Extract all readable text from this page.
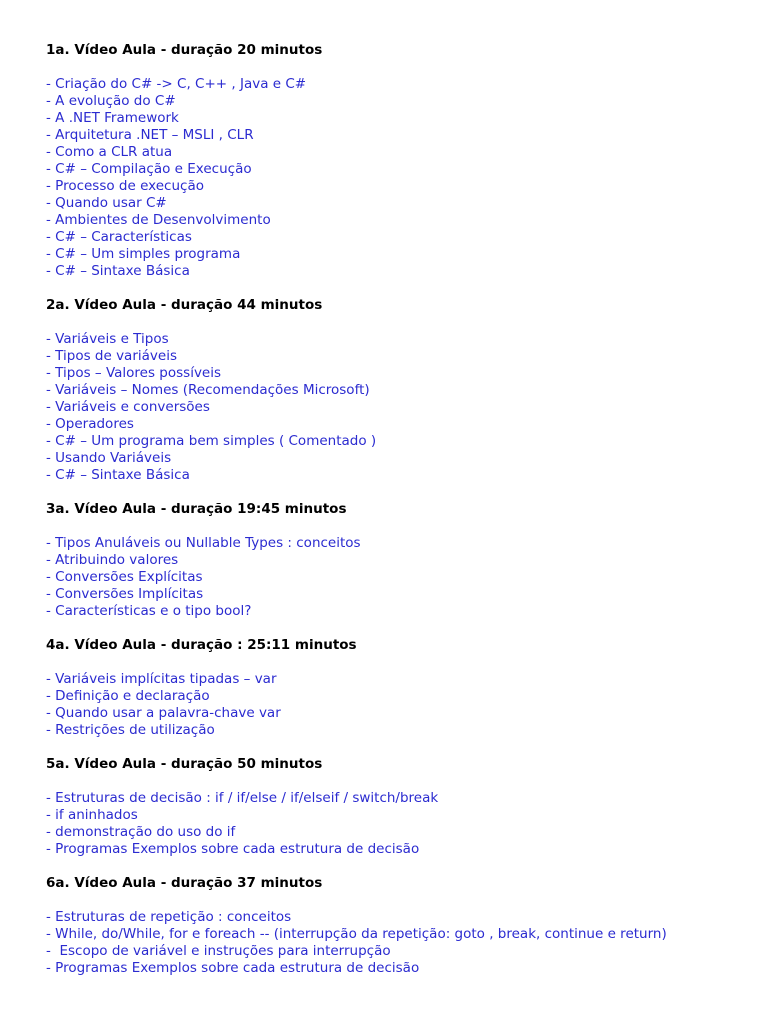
1a. Vídeo Aula - duração 20 minutos
- Criação do C# -> C, C++ , Java e C#
- A evolução do C#
- A .NET Framework
- Arquitetura .NET – MSLI , CLR
- Como a CLR atua
- C# – Compilação e Execução
- Processo de execução
- Quando usar C#
- Ambientes de Desenvolvimento
- C# – Características
- C# – Um simples programa
- C# – Sintaxe Básica
2a. Vídeo Aula - duração 44 minutos
- Variáveis e Tipos
- Tipos de variáveis
- Tipos – Valores possíveis
- Variáveis – Nomes (Recomendações Microsoft)
- Variáveis e conversões
- Operadores
- C# – Um programa bem simples ( Comentado )
- Usando Variáveis
- C# – Sintaxe Básica
3a. Vídeo Aula - duração 19:45 minutos
- Tipos Anuláveis ou Nullable Types : conceitos
- Atribuindo valores
- Conversões Explícitas
- Conversões Implícitas
- Características e o tipo bool?
4a. Vídeo Aula - duração : 25:11 minutos
- Variáveis implícitas tipadas – var
- Definição e declaração
- Quando usar a palavra-chave var
- Restrições de utilização
5a. Vídeo Aula - duração 50 minutos
- Estruturas de decisão : if / if/else / if/elseif / switch/break
- if aninhados
- demonstração do uso do if
- Programas Exemplos sobre cada estrutura de decisão
6a. Vídeo Aula - duração 37 minutos
- Estruturas de repetição : conceitos
- While, do/While, for e foreach -- (interrupção da repetição: goto , break, continue e return)
-  Escopo de variável e instruções para interrupção
- Programas Exemplos sobre cada estrutura de decisão
